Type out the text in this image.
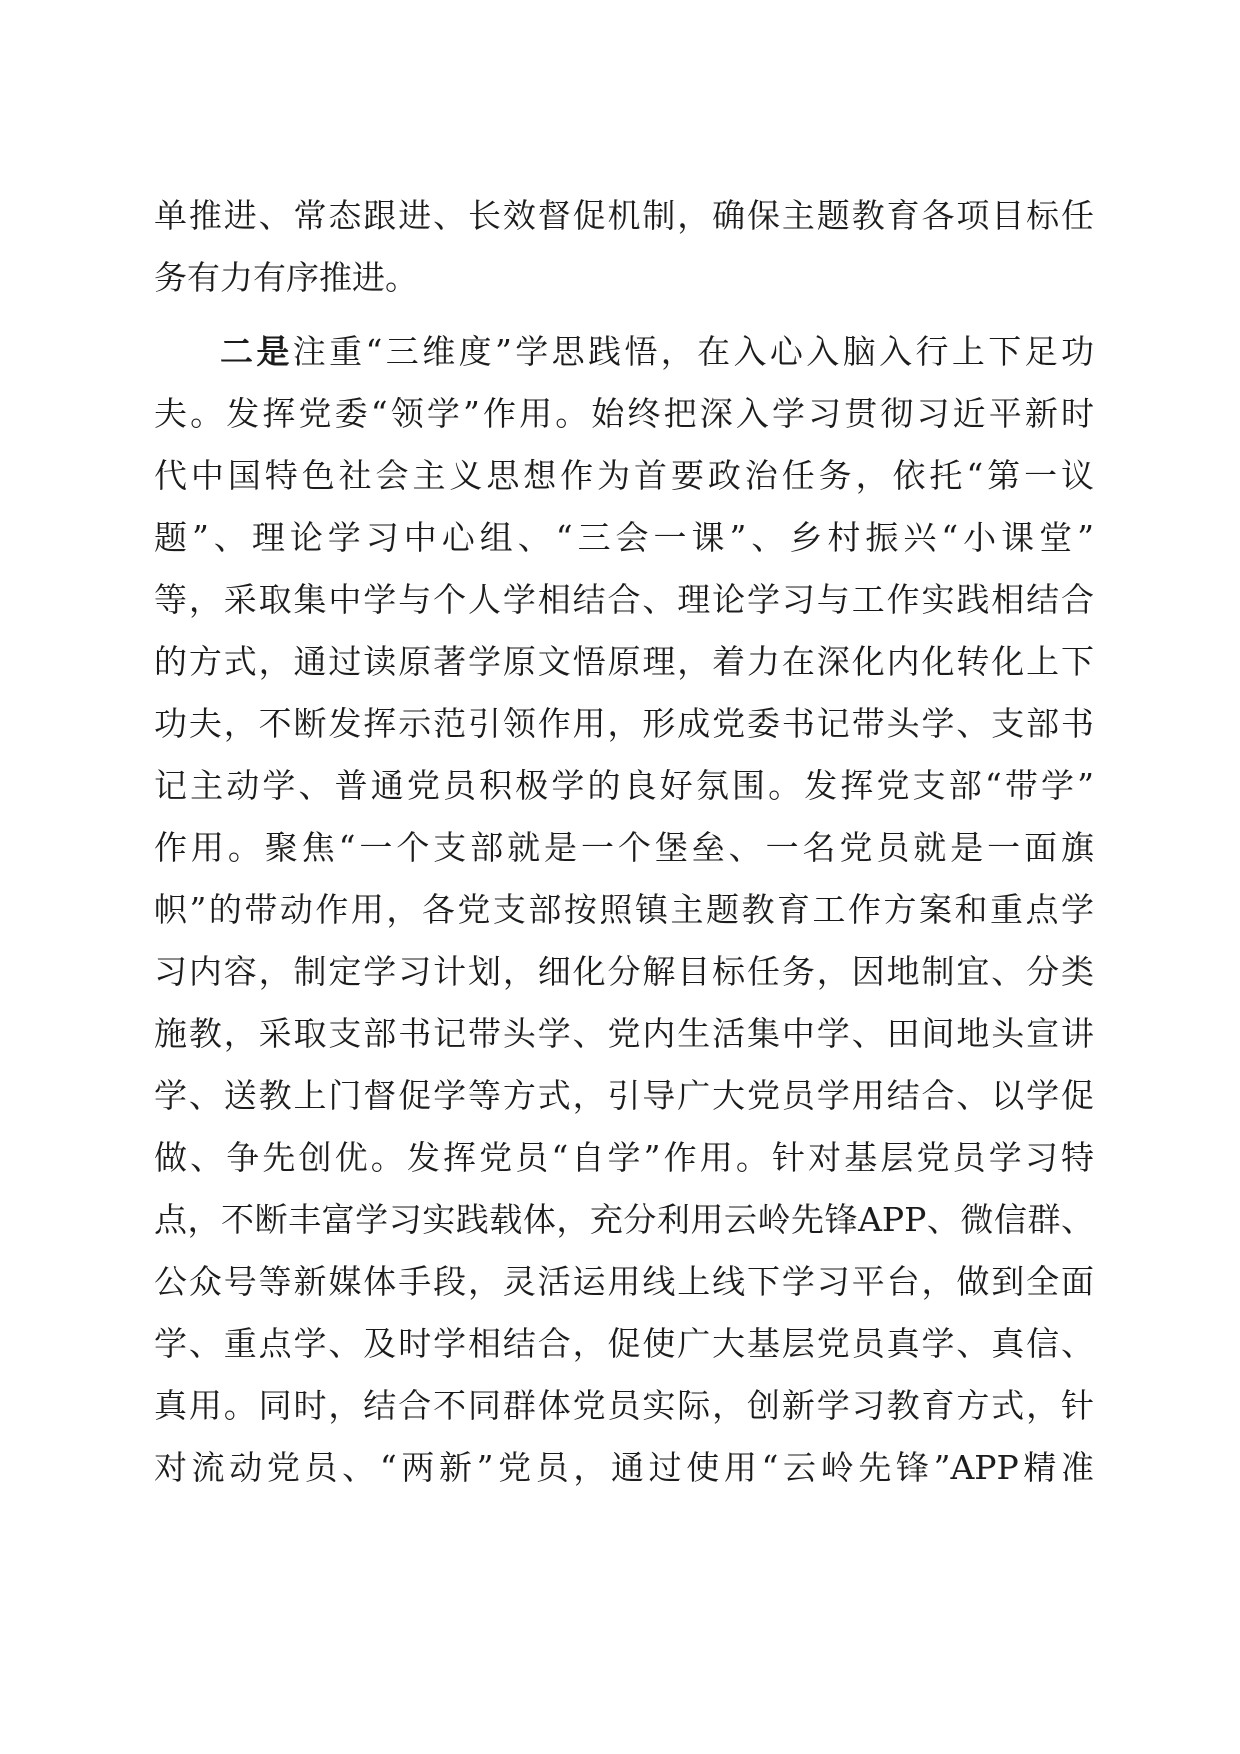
单推进、常态跟进、长效督促机制，确保主题教育各项目标任
务有力有序推进。
二是注重“三维度”学思践悟，在入心入脑入行上下足功
夫。发挥党委“领学”作用。始终把深入学习贯彻习近平新时
代中国特色社会主义思想作为首要政治任务，依托“第一议
题”、理论学习中心组、“三会一课”、乡村振兴“小课堂”
等，采取集中学与个人学相结合、理论学习与工作实践相结合
的方式，通过读原著学原文悟原理，着力在深化内化转化上下
功夫，不断发挥示范引领作用，形成党委书记带头学、支部书
记主动学、普通党员积极学的良好氛围。发挥党支部“带学”
作用。聚焦“一个支部就是一个堡垒、一名党员就是一面旗
帜”的带动作用，各党支部按照镇主题教育工作方案和重点学
习内容，制定学习计划，细化分解目标任务，因地制宜、分类
施教，采取支部书记带头学、党内生活集中学、田间地头宣讲
学、送教上门督促学等方式，引导广大党员学用结合、以学促
做、争先创优。发挥党员“自学”作用。针对基层党员学习特
点，不断丰富学习实践载体，充分利用云岭先锋APP、微信群、
公众号等新媒体手段，灵活运用线上线下学习平台，做到全面
学、重点学、及时学相结合，促使广大基层党员真学、真信、
真用。同时，结合不同群体党员实际，创新学习教育方式，针
对流动党员、“两新”党员，通过使用“云岭先锋”APP精准
